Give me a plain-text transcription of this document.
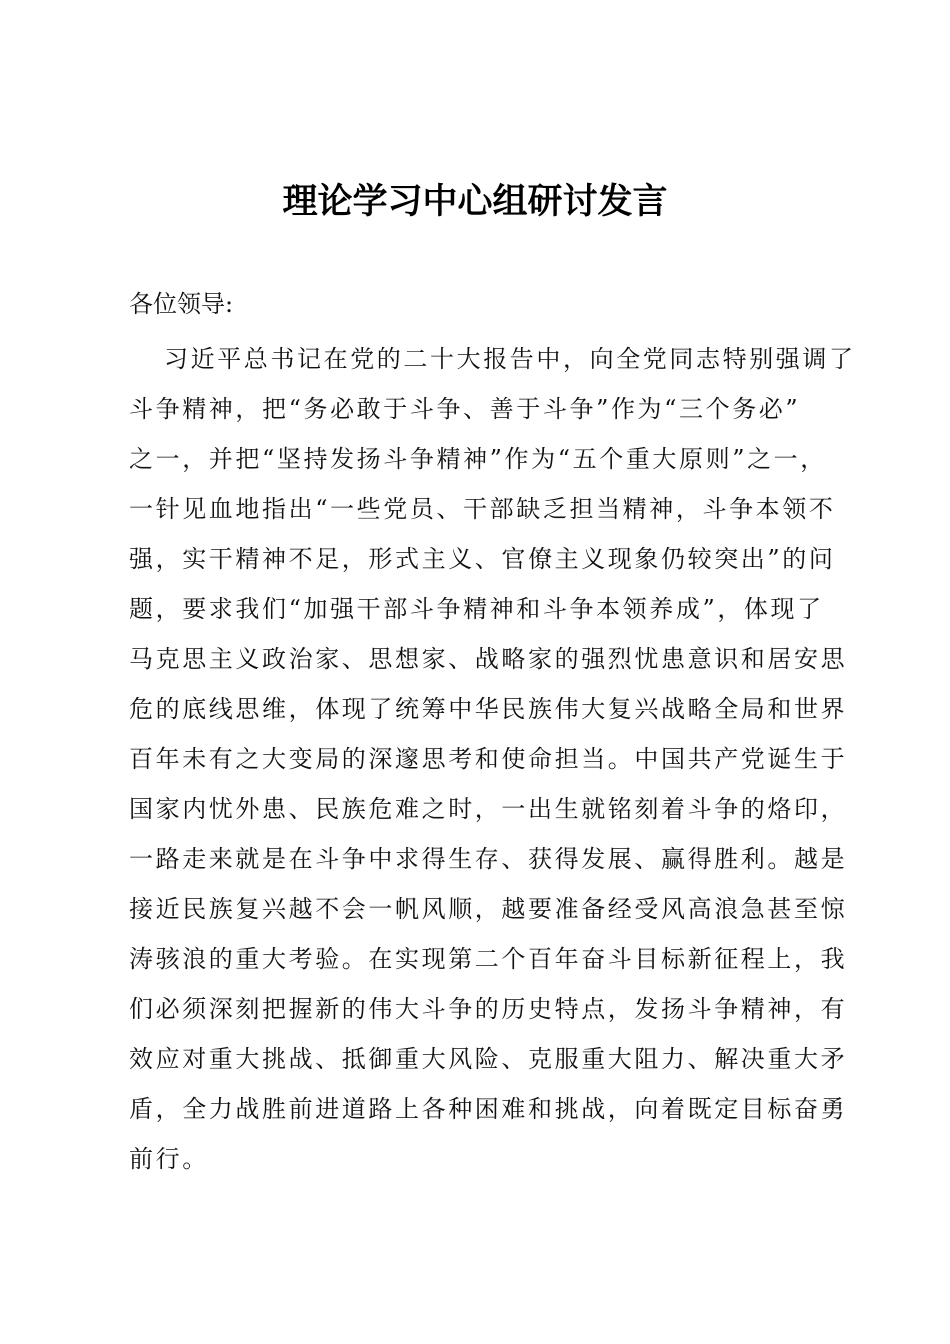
理论学习中心组研讨发言

各位领导:

习近平总书记在党的二十大报告中，向全党同志特别强调了
斗争精神，把“务必敢于斗争、善于斗争”作为“三个务必”
之一，并把“坚持发扬斗争精神”作为“五个重大原则”之一，
一针见血地指出“一些党员、干部缺乏担当精神，斗争本领不
强，实干精神不足，形式主义、官僚主义现象仍较突出”的问
题，要求我们“加强干部斗争精神和斗争本领养成”，体现了
马克思主义政治家、思想家、战略家的强烈忧患意识和居安思
危的底线思维，体现了统筹中华民族伟大复兴战略全局和世界
百年未有之大变局的深邃思考和使命担当。中国共产党诞生于
国家内忧外患、民族危难之时，一出生就铭刻着斗争的烙印，
一路走来就是在斗争中求得生存、获得发展、赢得胜利。越是
接近民族复兴越不会一帆风顺，越要准备经受风高浪急甚至惊
涛骇浪的重大考验。在实现第二个百年奋斗目标新征程上，我
们必须深刻把握新的伟大斗争的历史特点，发扬斗争精神，有
效应对重大挑战、抵御重大风险、克服重大阻力、解决重大矛
盾，全力战胜前进道路上各种困难和挑战，向着既定目标奋勇
前行。
